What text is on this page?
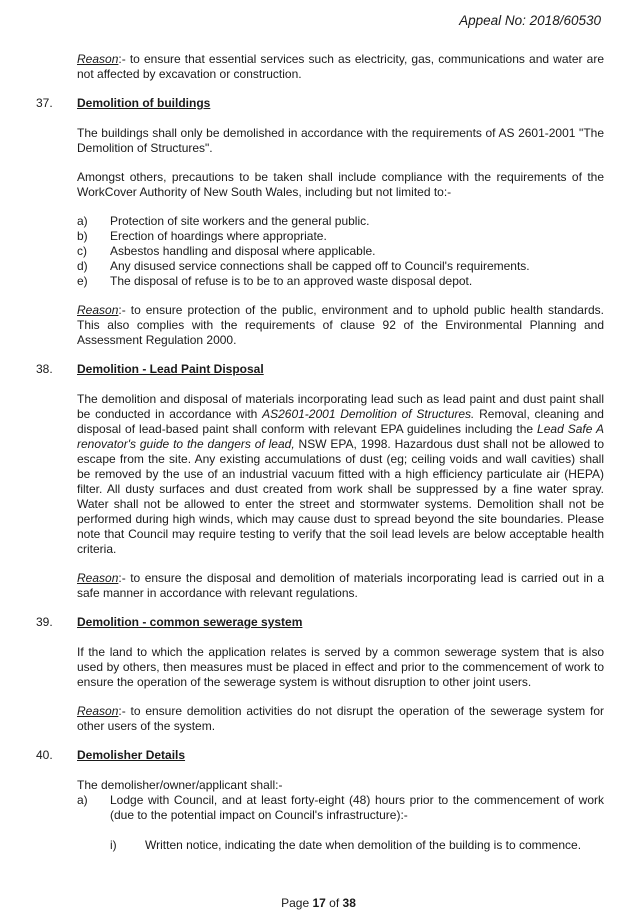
Appeal No: 2018/60530
Reason:- to ensure that essential services such as electricity, gas, communications and water are not affected by excavation or construction.
37.	Demolition of buildings
The buildings shall only be demolished in accordance with the requirements of AS 2601-2001 "The Demolition of Structures".
Amongst others, precautions to be taken shall include compliance with the requirements of the WorkCover Authority of New South Wales, including but not limited to:-
a)	Protection of site workers and the general public.
b)	Erection of hoardings where appropriate.
c)	Asbestos handling and disposal where applicable.
d)	Any disused service connections shall be capped off to Council's requirements.
e)	The disposal of refuse is to be to an approved waste disposal depot.
Reason:- to ensure protection of the public, environment and to uphold public health standards. This also complies with the requirements of clause 92 of the Environmental Planning and Assessment Regulation 2000.
38.	Demolition - Lead Paint Disposal
The demolition and disposal of materials incorporating lead such as lead paint and dust paint shall be conducted in accordance with AS2601-2001 Demolition of Structures. Removal, cleaning and disposal of lead-based paint shall conform with relevant EPA guidelines including the Lead Safe A renovator's guide to the dangers of lead, NSW EPA, 1998. Hazardous dust shall not be allowed to escape from the site. Any existing accumulations of dust (eg; ceiling voids and wall cavities) shall be removed by the use of an industrial vacuum fitted with a high efficiency particulate air (HEPA) filter. All dusty surfaces and dust created from work shall be suppressed by a fine water spray. Water shall not be allowed to enter the street and stormwater systems. Demolition shall not be performed during high winds, which may cause dust to spread beyond the site boundaries. Please note that Council may require testing to verify that the soil lead levels are below acceptable health criteria.
Reason:- to ensure the disposal and demolition of materials incorporating lead is carried out in a safe manner in accordance with relevant regulations.
39.	Demolition - common sewerage system
If the land to which the application relates is served by a common sewerage system that is also used by others, then measures must be placed in effect and prior to the commencement of work to ensure the operation of the sewerage system is without disruption to other joint users.
Reason:- to ensure demolition activities do not disrupt the operation of the sewerage system for other users of the system.
40.	Demolisher Details
The demolisher/owner/applicant shall:-
a)	Lodge with Council, and at least forty-eight (48) hours prior to the commencement of work (due to the potential impact on Council's infrastructure):-
i)	Written notice, indicating the date when demolition of the building is to commence.
Page 17 of 38
